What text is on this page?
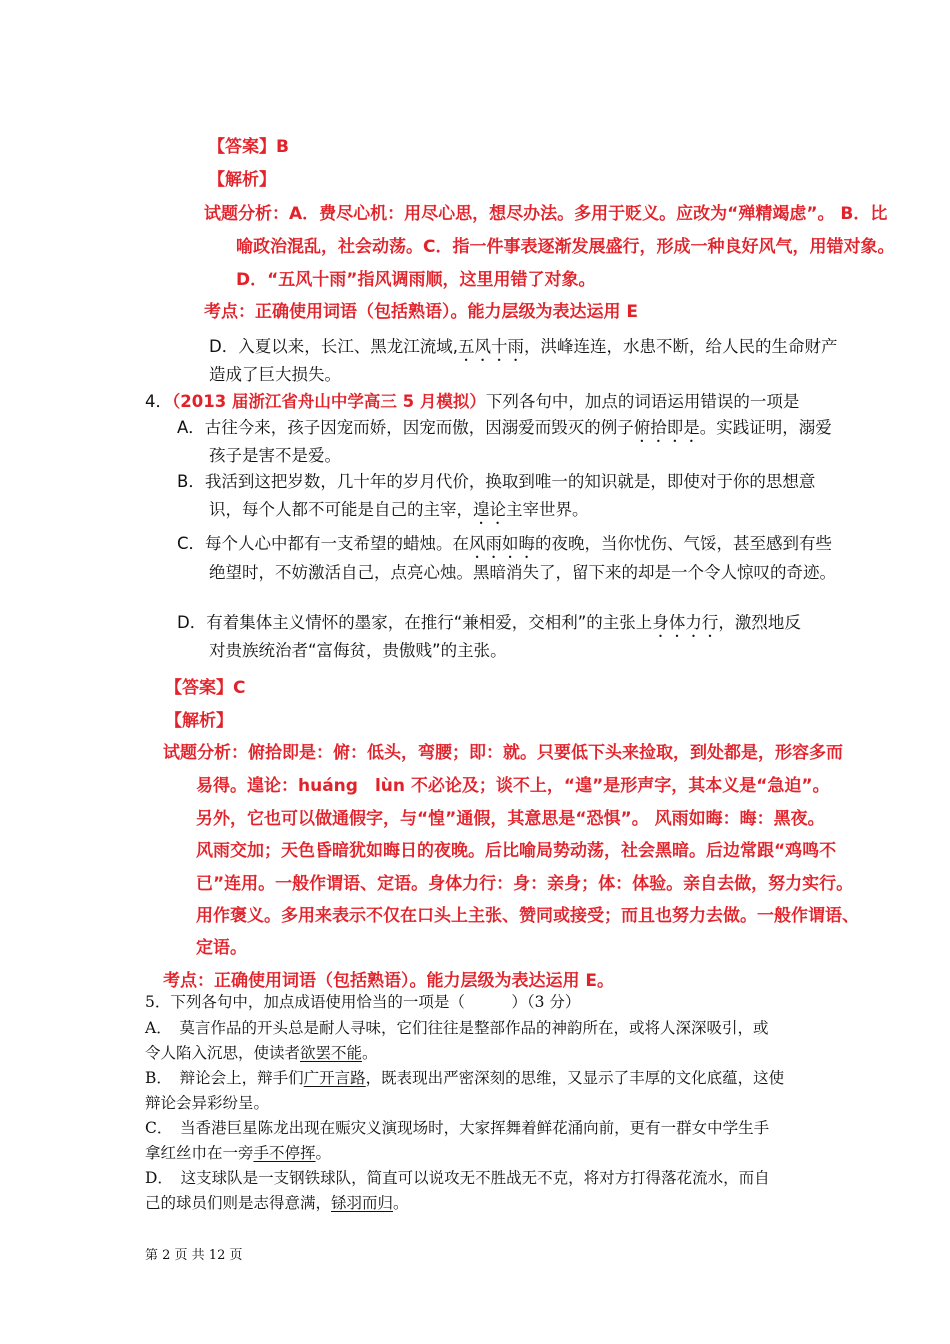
【答案】B
【解析】
试题分析：A．费尽心机：用尽心思，想尽办法。多用于贬义。应改为“殚精竭虑”。 B．比
喻政治混乱，社会动荡。C．指一件事表逐渐发展盛行，形成一种良好风气，用错对象。
D．“五风十雨”指风调雨顺，这里用错了对象。
考点：正确使用词语（包括熟语）。能力层级为表达运用 E
D．入夏以来，长江、黑龙江流域,五风十雨，洪峰连连，水患不断，给人民的生命财产
造成了巨大损失。
4．（2013 届浙江省舟山中学高三 5 月模拟）下列各句中，加点的词语运用错误的一项是
A．古往今来，孩子因宠而娇，因宠而傲，因溺爱而毁灭的例子俯拾即是。实践证明，溺爱
孩子是害不是爱。
B．我活到这把岁数，几十年的岁月代价，换取到唯一的知识就是，即使对于你的思想意
识，每个人都不可能是自己的主宰，遑论主宰世界。
C．每个人心中都有一支希望的蜡烛。在风雨如晦的夜晚，当你忧伤、气馁，甚至感到有些
绝望时，不妨激活自己，点亮心烛。黑暗消失了，留下来的却是一个令人惊叹的奇迹。
D．有着集体主义情怀的墨家，在推行“兼相爱，交相利”的主张上身体力行，激烈地反
对贵族统治者“富侮贫，贵傲贱”的主张。
【答案】C
【解析】
试题分析：俯拾即是：俯：低头，弯腰；即：就。只要低下头来捡取，到处都是，形容多而
易得。遑论：huáng　lùn 不必论及；谈不上，“遑”是形声字，其本义是“急迫”。
另外，它也可以做通假字，与“惶”通假，其意思是“恐惧”。 风雨如晦：晦：黑夜。
风雨交加；天色昏暗犹如晦日的夜晚。后比喻局势动荡，社会黑暗。后边常跟“鸡鸣不
已”连用。一般作谓语、定语。身体力行：身：亲身；体：体验。亲自去做，努力实行。
用作褒义。多用来表示不仅在口头上主张、赞同或接受；而且也努力去做。一般作谓语、
定语。
考点：正确使用词语（包括熟语）。能力层级为表达运用 E。
5．下列各句中，加点成语使用恰当的一项是（　　　）（3 分）
A．　莫言作品的开头总是耐人寻味，它们往往是整部作品的神韵所在，或将人深深吸引，或
令人陷入沉思，使读者欲罢不能。
B．　辩论会上，辩手们广开言路，既表现出严密深刻的思维，又显示了丰厚的文化底蕴，这使
辩论会异彩纷呈。
C．　当香港巨星陈龙出现在赈灾义演现场时，大家挥舞着鲜花涌向前，更有一群女中学生手
拿红丝巾在一旁手不停挥。
D．　这支球队是一支钢铁球队，简直可以说攻无不胜战无不克，将对方打得落花流水，而自
己的球员们则是志得意满，铩羽而归。
第 2 页 共 12 页
